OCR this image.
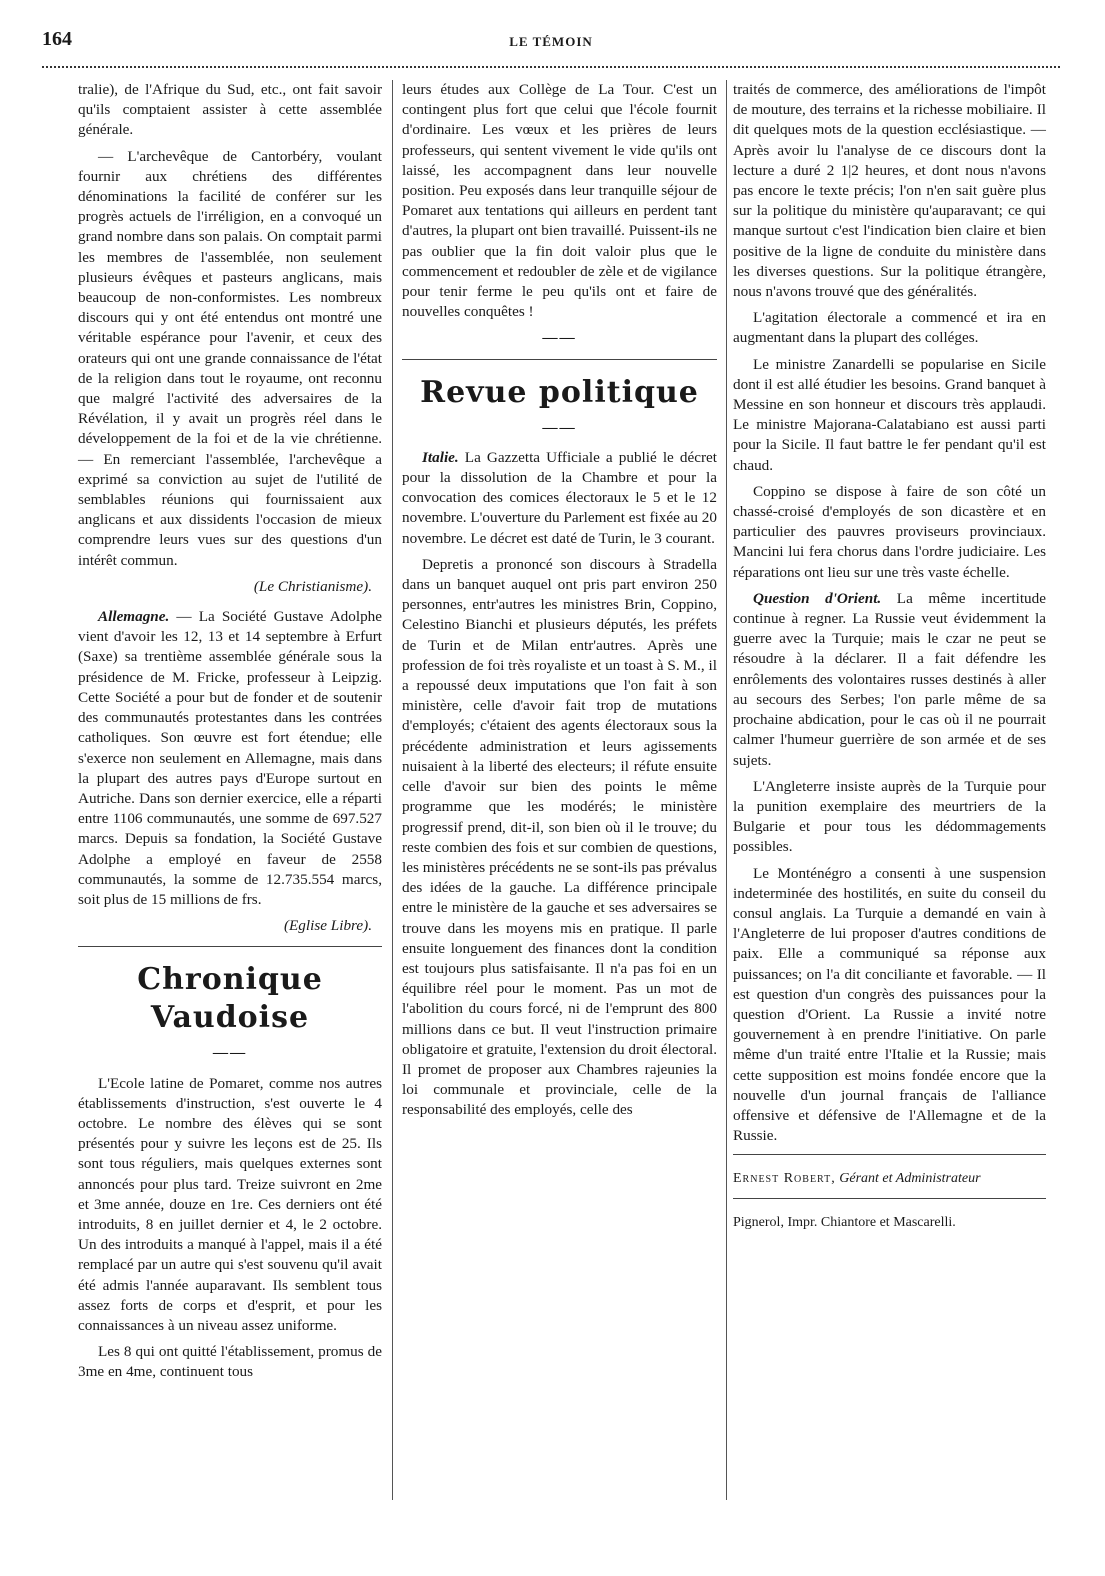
164	LE TÉMOIN

tralie), de l'Afrique du Sud, etc., ont fait savoir qu'ils comptaient assister à cette assemblée générale.

— L'archevêque de Cantorbéry, voulant fournir aux chrétiens des différentes dénominations la facilité de conférer sur les progrès actuels de l'irréligion, en a convoqué un grand nombre dans son palais. On comptait parmi les membres de l'assemblée, non seulement plusieurs évêques et pasteurs anglicans, mais beaucoup de non-conformistes. Les nombreux discours qui y ont été entendus ont montré une véritable espérance pour l'avenir, et ceux des orateurs qui ont une grande connaissance de l'état de la religion dans tout le royaume, ont reconnu que malgré l'activité des adversaires de la Révélation, il y avait un progrès réel dans le développement de la foi et de la vie chrétienne. — En remerciant l'assemblée, l'archevêque a exprimé sa conviction au sujet de l'utilité de semblables réunions qui fournissaient aux anglicans et aux dissidents l'occasion de mieux comprendre leurs vues sur des questions d'un intérêt commun.

(Le Christianisme).

Allemagne. — La Société Gustave Adolphe vient d'avoir les 12, 13 et 14 septembre à Erfurt (Saxe) sa trentième assemblée générale sous la présidence de M. Fricke, professeur à Leipzig. Cette Société a pour but de fonder et de soutenir des communautés protestantes dans les contrées catholiques. Son œuvre est fort étendue; elle s'exerce non seulement en Allemagne, mais dans la plupart des autres pays d'Europe surtout en Autriche. Dans son dernier exercice, elle a réparti entre 1106 communautés, une somme de 697.527 marcs. Depuis sa fondation, la Société Gustave Adolphe a employé en faveur de 2558 communautés, la somme de 12.735.554 marcs, soit plus de 15 millions de frs.

(Eglise Libre).
Chronique Vaudoise
——

L'Ecole latine de Pomaret, comme nos autres établissements d'instruction, s'est ouverte le 4 octobre. Le nombre des élèves qui se sont présentés pour y suivre les leçons est de 25. Ils sont tous réguliers, mais quelques externes sont annoncés pour plus tard. Treize suivront en 2me et 3me année, douze en 1re. Ces derniers ont été introduits, 8 en juillet dernier et 4, le 2 octobre. Un des introduits a manqué à l'appel, mais il a été remplacé par un autre qui s'est souvenu qu'il avait été admis l'année auparavant. Ils semblent tous assez forts de corps et d'esprit, et pour les connaissances à un niveau assez uniforme.

Les 8 qui ont quitté l'établissement, promus de 3me en 4me, continuent tous

leurs études aux Collège de La Tour. C'est un contingent plus fort que celui que l'école fournit d'ordinaire. Les vœux et les prières de leurs professeurs, qui sentent vivement le vide qu'ils ont laissé, les accompagnent dans leur nouvelle position. Peu exposés dans leur tranquille séjour de Pomaret aux tentations qui ailleurs en perdent tant d'autres, la plupart ont bien travaillé. Puissent-ils ne pas oublier que la fin doit valoir plus que le commencement et redoubler de zèle et de vigilance pour tenir ferme le peu qu'ils ont et faire de nouvelles conquêtes !

——
Revue politique
——

Italie. La Gazzetta Ufficiale a publié le décret pour la dissolution de la Chambre et pour la convocation des comices électoraux le 5 et le 12 novembre. L'ouverture du Parlement est fixée au 20 novembre. Le décret est daté de Turin, le 3 courant.

Depretis a prononcé son discours à Stradella dans un banquet auquel ont pris part environ 250 personnes, entr'autres les ministres Brin, Coppino, Celestino Bianchi et plusieurs députés, les préfets de Turin et de Milan entr'autres. Après une profession de foi très royaliste et un toast à S. M., il a repoussé deux imputations que l'on fait à son ministère, celle d'avoir fait trop de mutations d'employés; c'étaient des agents électoraux sous la précédente administration et leurs agissements nuisaient à la liberté des electeurs; il réfute ensuite celle d'avoir sur bien des points le même programme que les modérés; le ministère progressif prend, dit-il, son bien où il le trouve; du reste combien des fois et sur combien de questions, les ministères précédents ne se sont-ils pas prévalus des idées de la gauche. La différence principale entre le ministère de la gauche et ses adversaires se trouve dans les moyens mis en pratique. Il parle ensuite longuement des finances dont la condition est toujours plus satisfaisante. Il n'a pas foi en un équilibre réel pour le moment. Pas un mot de l'abolition du cours forcé, ni de l'emprunt des 800 millions dans ce but. Il veut l'instruction primaire obligatoire et gratuite, l'extension du droit électoral. Il promet de proposer aux Chambres rajeunies la loi communale et provinciale, celle de la responsabilité des employés, celle des

traités de commerce, des améliorations de l'impôt de mouture, des terrains et la richesse mobiliaire. Il dit quelques mots de la question ecclésiastique. — Après avoir lu l'analyse de ce discours dont la lecture a duré 2 1|2 heures, et dont nous n'avons pas encore le texte précis; l'on n'en sait guère plus sur la politique du ministère qu'auparavant; ce qui manque surtout c'est l'indication bien claire et bien positive de la ligne de conduite du ministère dans les diverses questions. Sur la politique étrangère, nous n'avons trouvé que des généralités.

L'agitation électorale a commencé et ira en augmentant dans la plupart des colléges.

Le ministre Zanardelli se popularise en Sicile dont il est allé étudier les besoins. Grand banquet à Messine en son honneur et discours très applaudi. Le ministre Majorana-Calatabiano est aussi parti pour la Sicile. Il faut battre le fer pendant qu'il est chaud.

Coppino se dispose à faire de son côté un chassé-croisé d'employés de son dicastère et en particulier des pauvres proviseurs provinciaux. Mancini lui fera chorus dans l'ordre judiciaire. Les réparations ont lieu sur une très vaste échelle.

Question d'Orient. La même incertitude continue à regner. La Russie veut évidemment la guerre avec la Turquie; mais le czar ne peut se résoudre à la déclarer. Il a fait défendre les enrôlements des volontaires russes destinés à aller au secours des Serbes; l'on parle même de sa prochaine abdication, pour le cas où il ne pourrait calmer l'humeur guerrière de son armée et de ses sujets.

L'Angleterre insiste auprès de la Turquie pour la punition exemplaire des meurtriers de la Bulgarie et pour tous les dédommagements possibles.

Le Monténégro a consenti à une suspension indeterminée des hostilités, en suite du conseil du consul anglais. La Turquie a demandé en vain à l'Angleterre de lui proposer d'autres conditions de paix. Elle a communiqué sa réponse aux puissances; on l'a dit conciliante et favorable. — Il est question d'un congrès des puissances pour la question d'Orient. La Russie a invité notre gouvernement à en prendre l'initiative. On parle même d'un traité entre l'Italie et la Russie; mais cette supposition est moins fondée encore que la nouvelle d'un journal français de l'alliance offensive et défensive de l'Allemagne et de la Russie.

Ernest Robert, Gérant et Administrateur

Pignerol, Impr. Chiantore et Mascarelli.
